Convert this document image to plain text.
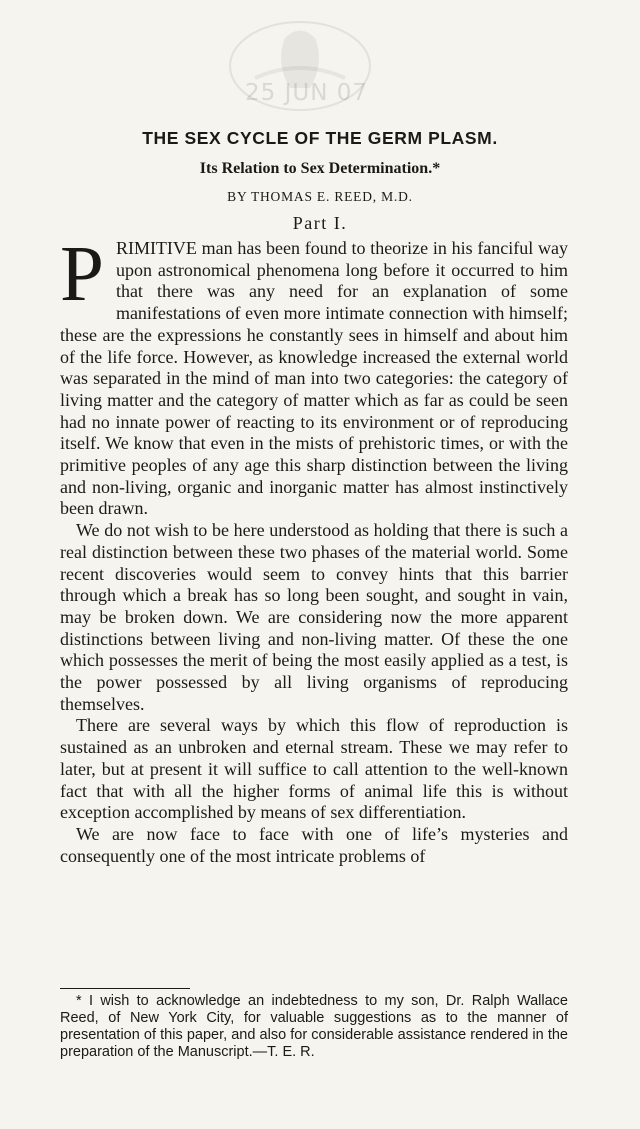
25 JUN 07
THE SEX CYCLE OF THE GERM PLASM.
Its Relation to Sex Determination.*
BY THOMAS E. REED, M.D.
Part I.

PRIMITIVE man has been found to theorize in his fanciful way upon astronomical phenomena long before it occurred to him that there was any need for an explanation of some manifestations of even more intimate connection with himself; these are the expressions he constantly sees in himself and about him of the life force. However, as knowledge increased the external world was separated in the mind of man into two categories: the category of living matter and the category of matter which as far as could be seen had no innate power of reacting to its environment or of reproducing itself. We know that even in the mists of prehistoric times, or with the primitive peoples of any age this sharp distinction between the living and non-living, organic and inorganic matter has almost instinctively been drawn.

We do not wish to be here understood as holding that there is such a real distinction between these two phases of the material world. Some recent discoveries would seem to convey hints that this barrier through which a break has so long been sought, and sought in vain, may be broken down. We are considering now the more apparent distinctions between living and non-living matter. Of these the one which possesses the merit of being the most easily applied as a test, is the power possessed by all living organisms of reproducing themselves.

There are several ways by which this flow of reproduction is sustained as an unbroken and eternal stream. These we may refer to later, but at present it will suffice to call attention to the well-known fact that with all the higher forms of animal life this is without exception accomplished by means of sex differentiation.

We are now face to face with one of life’s mysteries and consequently one of the most intricate problems of

* I wish to acknowledge an indebtedness to my son, Dr. Ralph Wallace Reed, of New York City, for valuable suggestions as to the manner of presentation of this paper, and also for considerable assistance rendered in the preparation of the Manuscript.—T. E. R.
